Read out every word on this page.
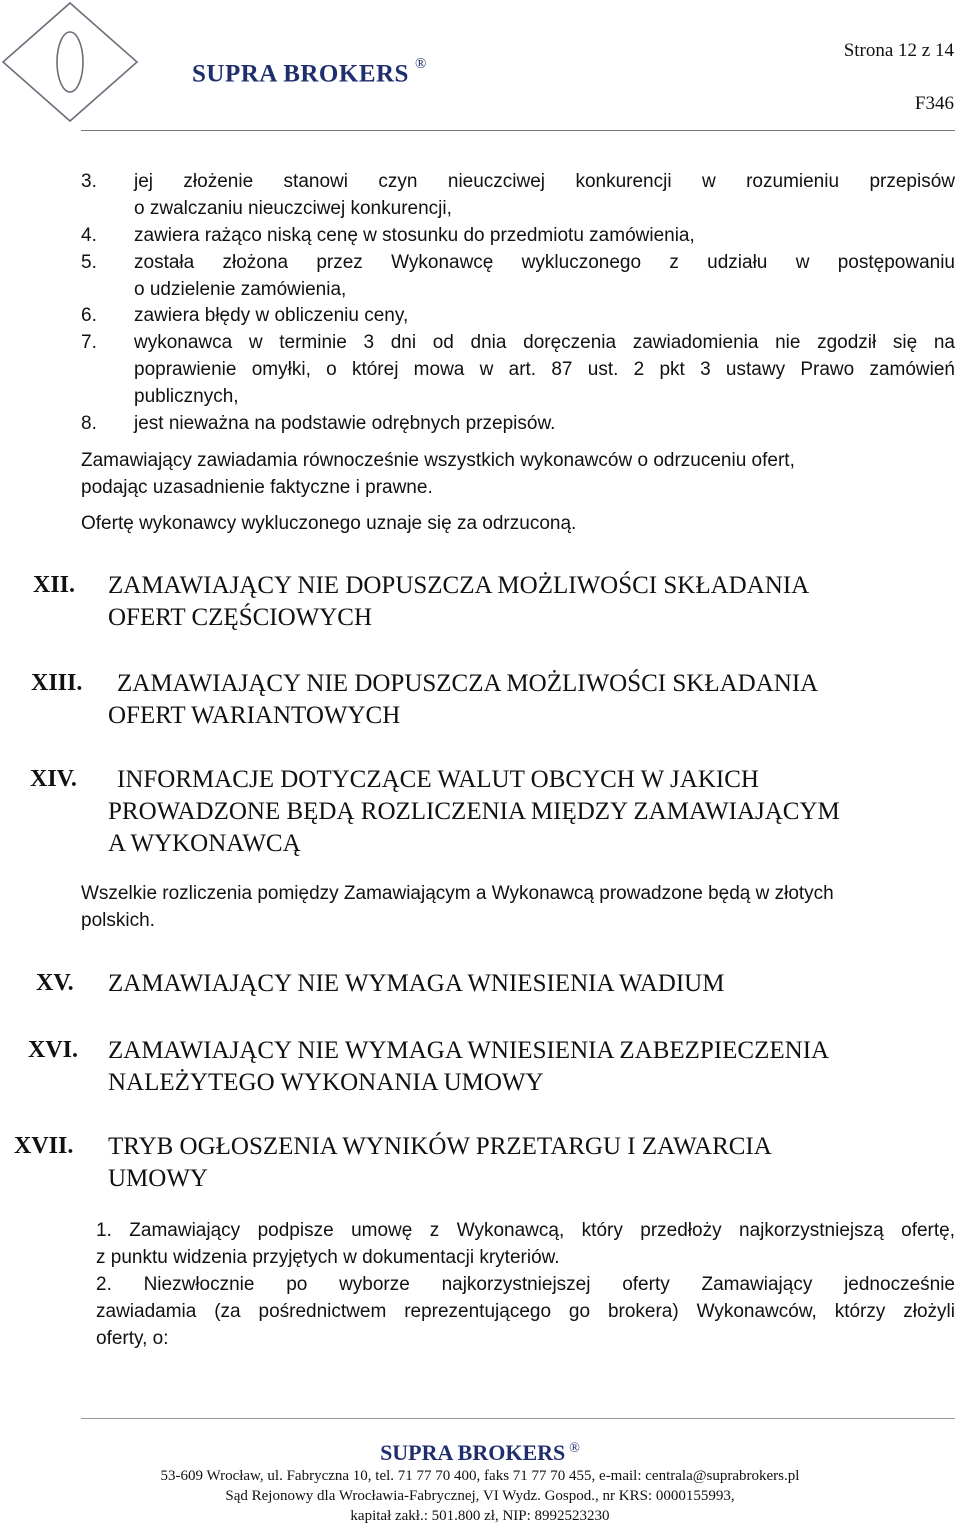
SUPRA BROKERS ®
Strona 12 z 14
F346
3. jej złożenie stanowi czyn nieuczciwej konkurencji w rozumieniu przepisów
o zwalczaniu nieuczciwej konkurencji,
4. zawiera rażąco niską cenę w stosunku do przedmiotu zamówienia,
5. została złożona przez Wykonawcę wykluczonego z udziału w postępowaniu
o udzielenie zamówienia,
6. zawiera błędy w obliczeniu ceny,
7. wykonawca w terminie 3 dni od dnia doręczenia zawiadomienia nie zgodził się na
poprawienie omyłki, o której mowa w art. 87 ust. 2 pkt 3 ustawy Prawo zamówień
publicznych,
8. jest nieważna na podstawie odrębnych przepisów.
Zamawiający zawiadamia równocześnie wszystkich wykonawców o odrzuceniu ofert,
podając uzasadnienie faktyczne i prawne.
Ofertę wykonawcy wykluczonego uznaje się za odrzuconą.
XII. ZAMAWIAJĄCY NIE DOPUSZCZA MOŻLIWOŚCI SKŁADANIA
OFERT CZĘŚCIOWYCH
XIII. ZAMAWIAJĄCY NIE DOPUSZCZA MOŻLIWOŚCI SKŁADANIA
OFERT WARIANTOWYCH
XIV. INFORMACJE DOTYCZĄCE WALUT OBCYCH W JAKICH
PROWADZONE BĘDĄ ROZLICZENIA MIĘDZY ZAMAWIAJĄCYM
A WYKONAWCĄ
Wszelkie rozliczenia pomiędzy Zamawiającym a Wykonawcą prowadzone będą w złotych
polskich.
XV. ZAMAWIAJĄCY NIE WYMAGA WNIESIENIA WADIUM
XVI. ZAMAWIAJĄCY NIE WYMAGA WNIESIENIA ZABEZPIECZENIA
NALEŻYTEGO WYKONANIA UMOWY
XVII. TRYB OGŁOSZENIA WYNIKÓW PRZETARGU I ZAWARCIA
UMOWY
1. Zamawiający podpisze umowę z Wykonawcą, który przedłoży najkorzystniejszą ofertę,
z punktu widzenia przyjętych w dokumentacji kryteriów.
2. Niezwłocznie po wyborze najkorzystniejszej oferty Zamawiający jednocześnie
zawiadamia (za pośrednictwem reprezentującego go brokera) Wykonawców, którzy złożyli
oferty, o:
SUPRA BROKERS ®
53-609 Wrocław, ul. Fabryczna 10, tel. 71 77 70 400, faks 71 77 70 455, e-mail: centrala@suprabrokers.pl
Sąd Rejonowy dla Wrocławia-Fabrycznej, VI Wydz. Gospod., nr KRS: 0000155993,
kapitał zakł.: 501.800 zł, NIP: 8992523230
